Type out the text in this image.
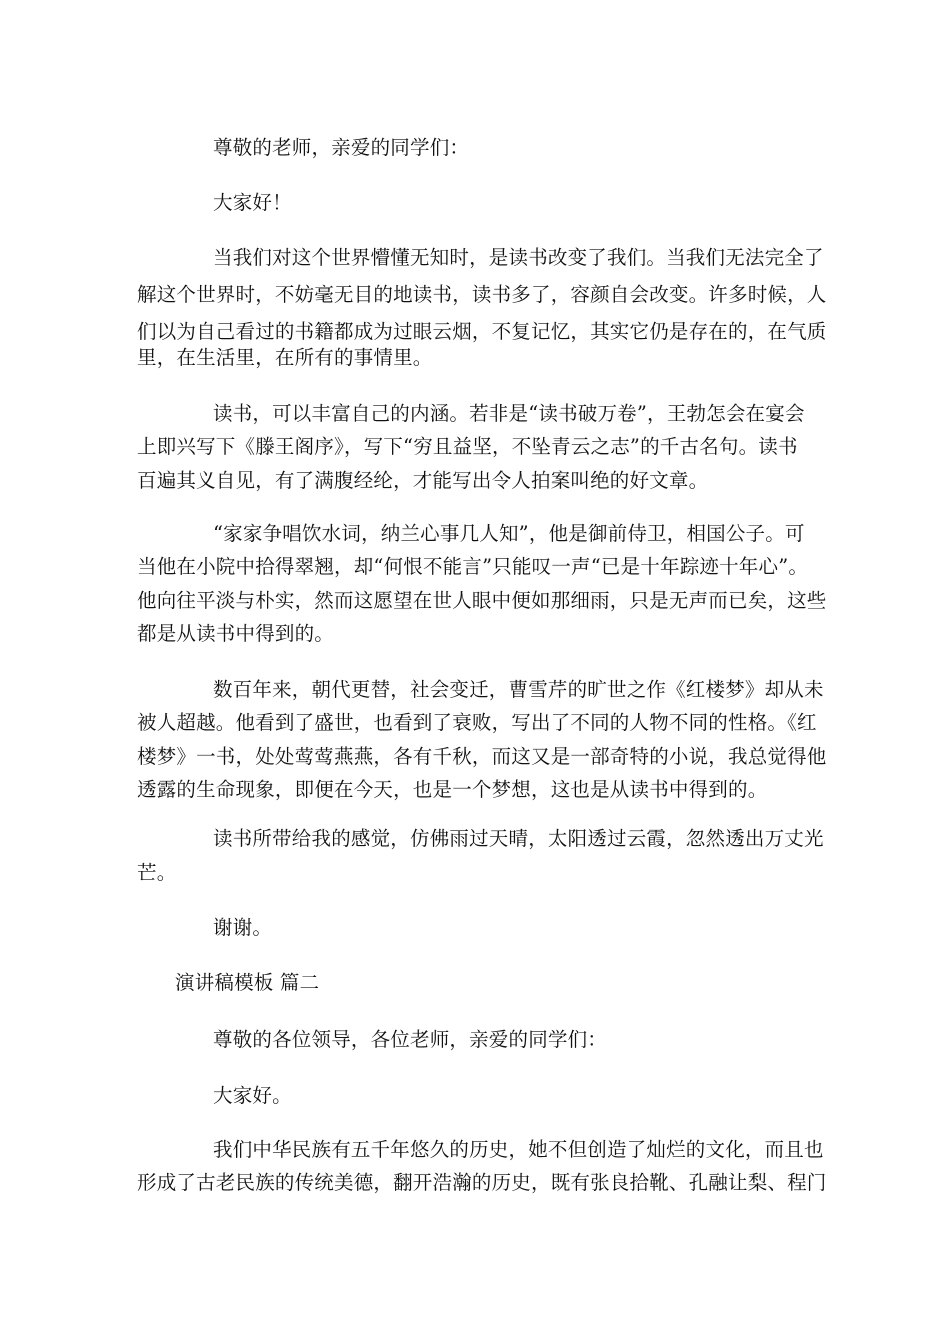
尊敬的老师，亲爱的同学们：
大家好！
当我们对这个世界懵懂无知时，是读书改变了我们。当我们无法完全了
解这个世界时，不妨毫无目的地读书，读书多了，容颜自会改变。许多时候，人
们以为自己看过的书籍都成为过眼云烟，不复记忆，其实它仍是存在的，在气质
里，在生活里，在所有的事情里。
读书，可以丰富自己的内涵。若非是“读书破万卷”，王勃怎会在宴会
上即兴写下《滕王阁序》，写下“穷且益坚，不坠青云之志”的千古名句。读书
百遍其义自见，有了满腹经纶，才能写出令人拍案叫绝的好文章。
“家家争唱饮水词，纳兰心事几人知”，他是御前侍卫，相国公子。可
当他在小院中拾得翠翘，却“何恨不能言”只能叹一声“已是十年踪迹十年心”。
他向往平淡与朴实，然而这愿望在世人眼中便如那细雨，只是无声而已矣，这些
都是从读书中得到的。
数百年来，朝代更替，社会变迁，曹雪芹的旷世之作《红楼梦》却从未
被人超越。他看到了盛世，也看到了衰败，写出了不同的人物不同的性格。《红
楼梦》一书，处处莺莺燕燕，各有千秋，而这又是一部奇特的小说，我总觉得他
透露的生命现象，即便在今天，也是一个梦想，这也是从读书中得到的。
读书所带给我的感觉，仿佛雨过天晴，太阳透过云霞，忽然透出万丈光
芒。
谢谢。
演讲稿模板 篇二
尊敬的各位领导，各位老师，亲爱的同学们：
大家好。
我们中华民族有五千年悠久的历史，她不但创造了灿烂的文化，而且也
形成了古老民族的传统美德，翻开浩瀚的历史，既有张良拾靴、孔融让梨、程门
